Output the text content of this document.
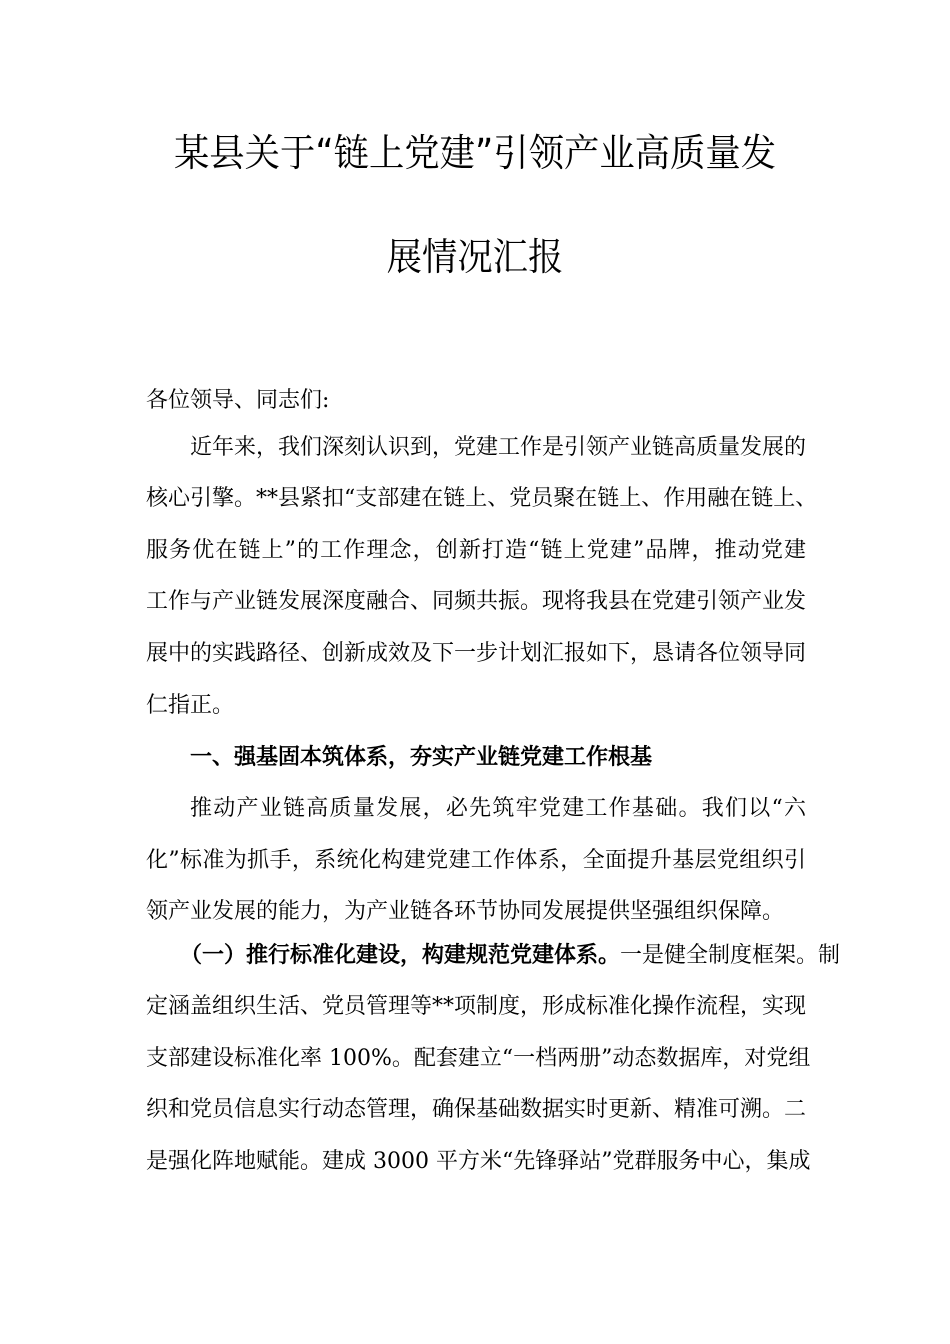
某县关于“链上党建”引领产业高质量发
展情况汇报
各位领导、同志们:
近年来，我们深刻认识到，党建工作是引领产业链高质量发展的
核心引擎。**县紧扣“支部建在链上、党员聚在链上、作用融在链上、
服务优在链上”的工作理念，创新打造“链上党建”品牌，推动党建
工作与产业链发展深度融合、同频共振。现将我县在党建引领产业发
展中的实践路径、创新成效及下一步计划汇报如下，恳请各位领导同
仁指正。
一、强基固本筑体系，夯实产业链党建工作根基
推动产业链高质量发展，必先筑牢党建工作基础。我们以“六
化”标准为抓手，系统化构建党建工作体系，全面提升基层党组织引
领产业发展的能力，为产业链各环节协同发展提供坚强组织保障。
（一）推行标准化建设，构建规范党建体系。一是健全制度框架。制
定涵盖组织生活、党员管理等**项制度，形成标准化操作流程，实现
支部建设标准化率 100%。配套建立“一档两册”动态数据库，对党组
织和党员信息实行动态管理，确保基础数据实时更新、精准可溯。二
是强化阵地赋能。建成 3000 平方米“先锋驿站”党群服务中心，集成
